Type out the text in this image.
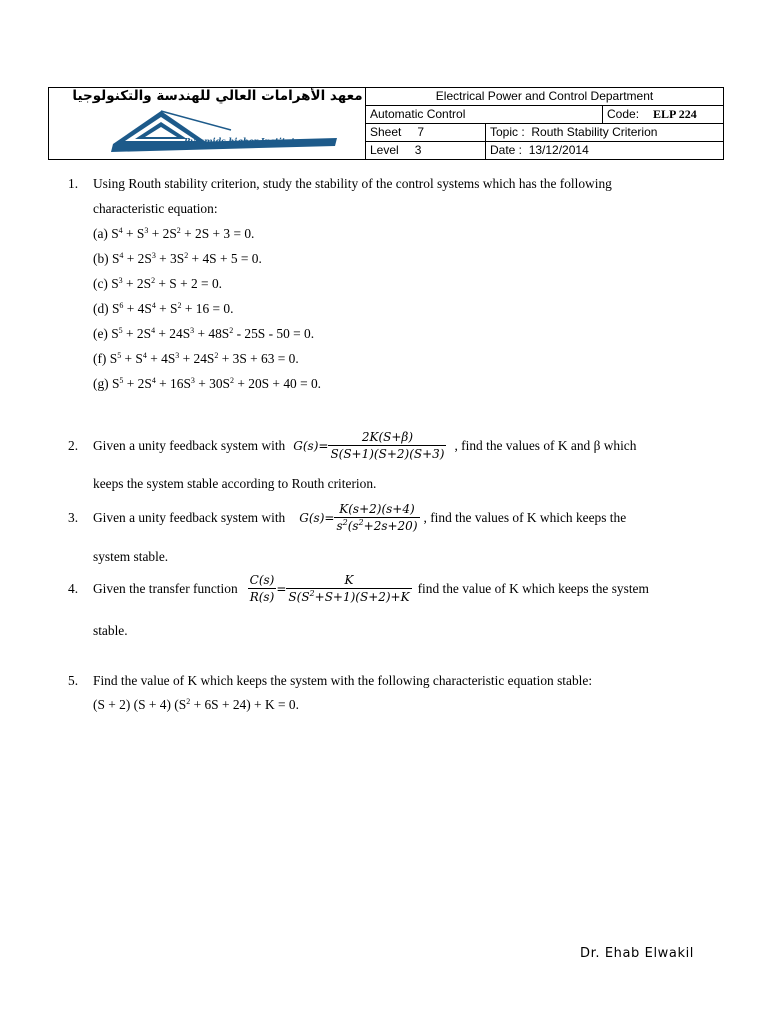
معهد الأهرامات العالي للهندسة والتكنولوجيا
Pyramids higher Institute
P.H.I. For Engineering And Technology	Electrical Power and Control Department		
	Automatic Control		Code: ELP 224
	Sheet 7	Topic : Routh Stability Criterion	
	Level 3	Date : 13/12/2014	
1. Using Routh stability criterion, study the stability of the control systems which has the following
characteristic equation:
(a) $S^4 + S^3 + 2S^2 + 2S + 3 = 0$.
(b) $S^4 + 2S^3 + 3S^2 + 4S + 5 = 0$.
(c) $S^3 + 2S^2 + S + 2 = 0$.
(d) $S^6 + 4S^4 + S^2 + 16 = 0$.
(e) $S^5 + 2S^4 + 24S^3 + 48S^2 - 25S - 50 = 0$.
(f) $S^5 + S^4 + 4S^3 + 24S^2 + 3S + 63 = 0$.
(g) $S^5 + 2S^4 + 16S^3 + 30S^2 + 20S + 40 = 0$.
2.	Given a unity feedback system with $G(s)= \frac{2K(S+\beta)}{S(S+1)(S+2)(S+3)}$ , find the values of K and β which
keeps the system stable according to Routh criterion.
3.	Given a unity feedback system with $G(s)= \frac{K(s+2)(s+4)}{s^2(s^2+2s+20)}$ , find the values of K which keeps the
system stable.
4.	Given the transfer function $\frac{C(s)}{R(s)} = \frac{K}{S(S^2+S+1)(S+2)+K}$ find the value of K which keeps the system
stable.
5. Find the value of K which keeps the system with the following characteristic equation stable:
(S + 2) (S + 4) $(S^2 + 6S + 24) + K = 0$.
Dr. Ehab Elwakil
